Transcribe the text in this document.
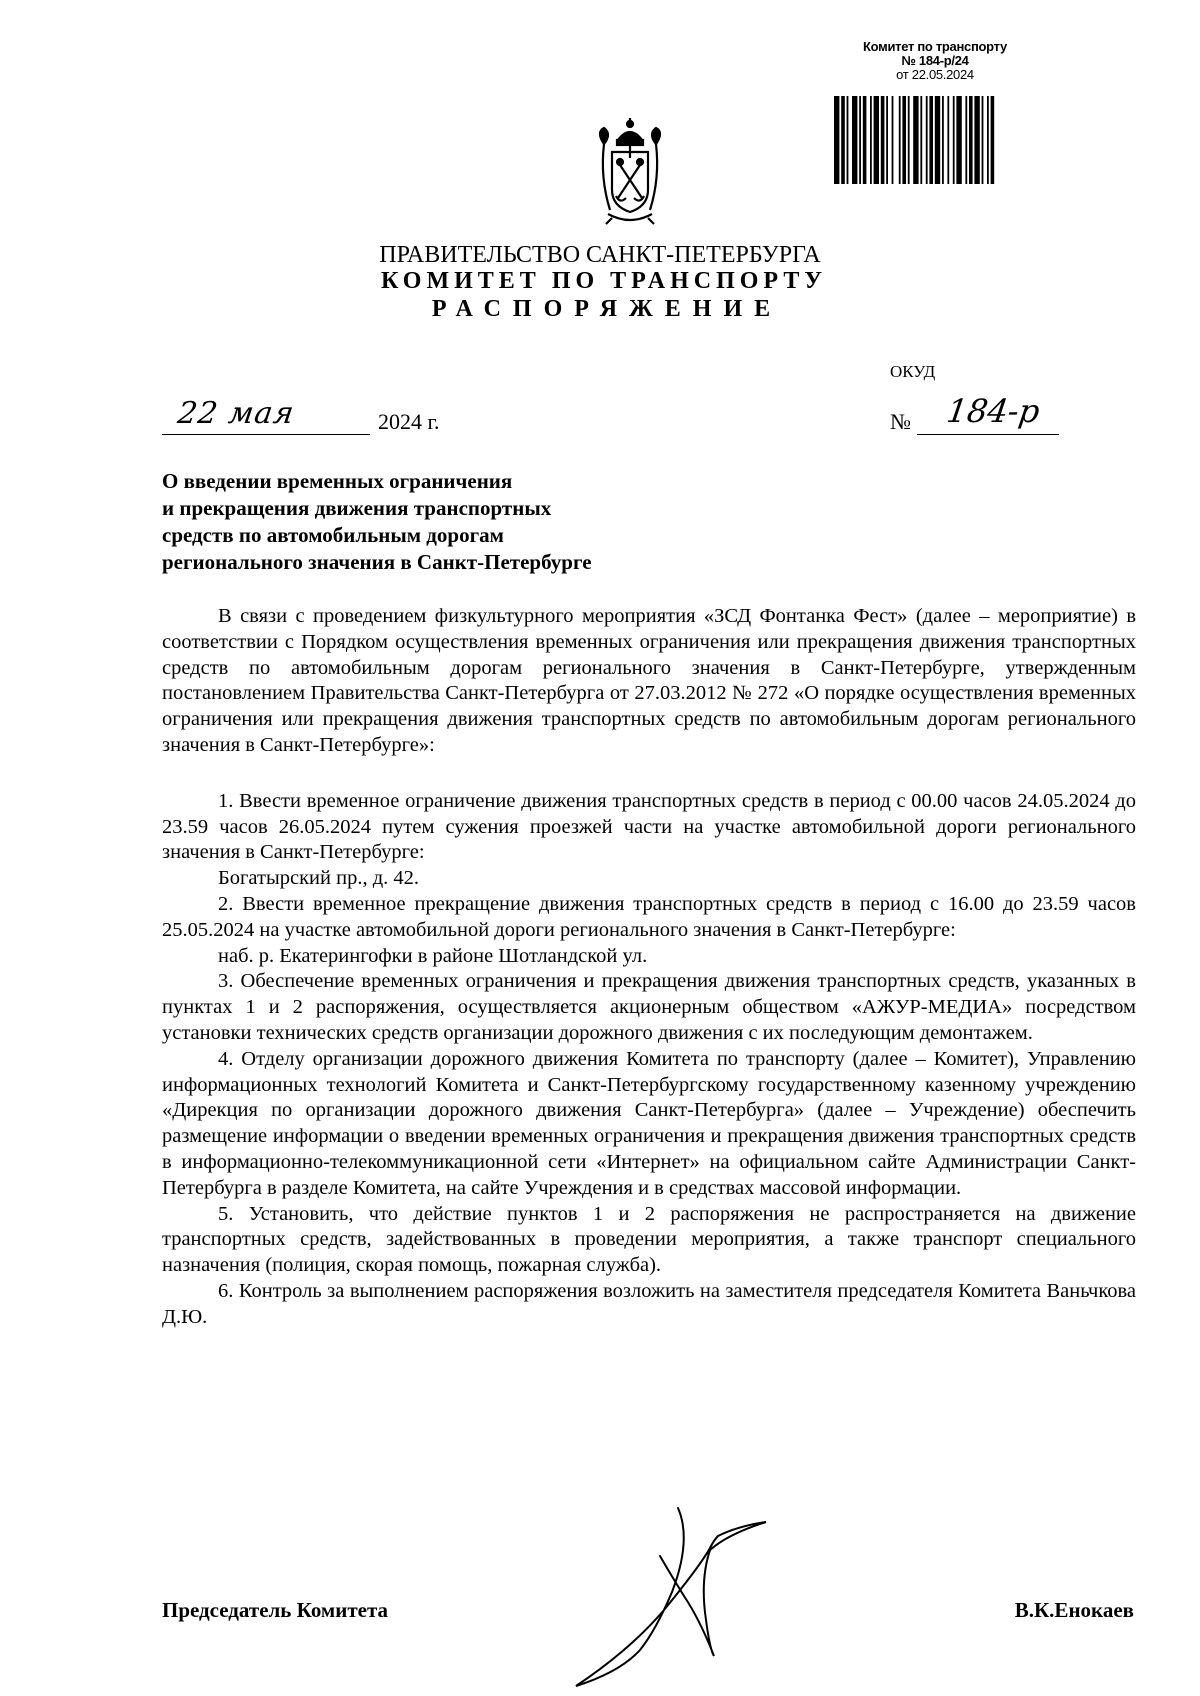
Комитет по транспорту
№ 184-р/24
от 22.05.2024
ПРАВИТЕЛЬСТВО САНКТ-ПЕТЕРБУРГА
КОМИТЕТ ПО ТРАНСПОРТУ
РАСПОРЯЖЕНИЕ
ОКУД
22 мая	2024 г.	№ 184-р
О введении временных ограничения
и прекращения движения транспортных
средств по автомобильным дорогам
регионального значения в Санкт-Петербурге

В связи с проведением физкультурного мероприятия «ЗСД Фонтанка Фест» (далее – мероприятие) в соответствии с Порядком осуществления временных ограничения или прекращения движения транспортных средств по автомобильным дорогам регионального значения в Санкт-Петербурге, утвержденным постановлением Правительства Санкт-Петербурга от 27.03.2012 № 272 «О порядке осуществления временных ограничения или прекращения движения транспортных средств по автомобильным дорогам регионального значения в Санкт-Петербурге»:

1. Ввести временное ограничение движения транспортных средств в период с 00.00 часов 24.05.2024 до 23.59 часов 26.05.2024 путем сужения проезжей части на участке автомобильной дороги регионального значения в Санкт-Петербурге:

Богатырский пр., д. 42.

2. Ввести временное прекращение движения транспортных средств в период с 16.00 до 23.59 часов 25.05.2024 на участке автомобильной дороги регионального значения в Санкт-Петербурге:

наб. р. Екатерингофки в районе Шотландской ул.

3. Обеспечение временных ограничения и прекращения движения транспортных средств, указанных в пунктах 1 и 2 распоряжения, осуществляется акционерным обществом «АЖУР-МЕДИА» посредством установки технических средств организации дорожного движения с их последующим демонтажем.

4. Отделу организации дорожного движения Комитета по транспорту (далее – Комитет), Управлению информационных технологий Комитета и Санкт-Петербургскому государственному казенному учреждению «Дирекция по организации дорожного движения Санкт-Петербурга» (далее – Учреждение) обеспечить размещение информации о введении временных ограничения и прекращения движения транспортных средств в информационно-телекоммуникационной сети «Интернет» на официальном сайте Администрации Санкт-Петербурга в разделе Комитета, на сайте Учреждения и в средствах массовой информации.

5. Установить, что действие пунктов 1 и 2 распоряжения не распространяется на движение транспортных средств, задействованных в проведении мероприятия, а также транспорт специального назначения (полиция, скорая помощь, пожарная служба).

6. Контроль за выполнением распоряжения возложить на заместителя председателя Комитета Ваньчкова Д.Ю.

Председатель Комитета	В.К.Енокаев
